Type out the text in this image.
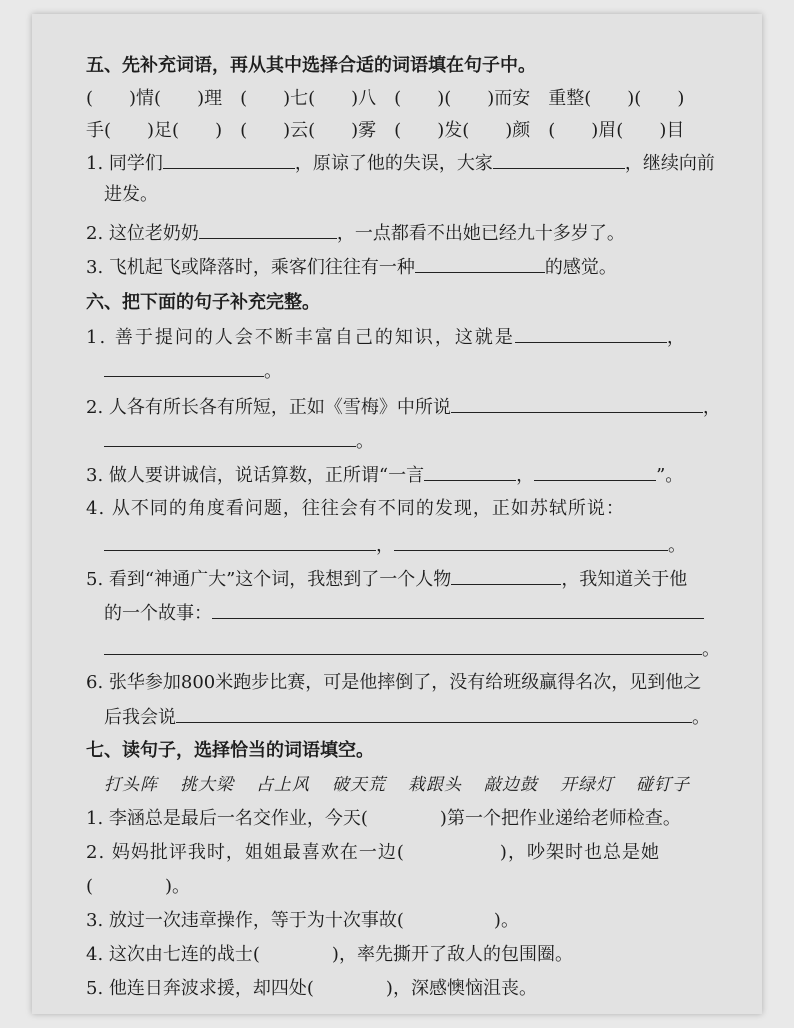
五、先补充词语，再从其中选择合适的词语填在句子中。
(　　)情(　　)理　(　　)七(　　)八　(　　)(　　)而安　重整(　　)(　　)
手(　　)足(　　)　(　　)云(　　)雾　(　　)发(　　)颜　(　　)眉(　　)目
1. 同学们	，原谅了他的失误，大家	，继续向前
进发。
2. 这位老奶奶	，一点都看不出她已经九十多岁了。
3. 飞机起飞或降落时，乘客们往往有一种	的感觉。
六、把下面的句子补充完整。
1. 善于提问的人会不断丰富自己的知识，这就是	，
。
2. 人各有所长各有所短，正如《雪梅》中所说	，
。
3. 做人要讲诚信，说话算数，正所谓“一言	，	”。
4. 从不同的角度看问题，往往会有不同的发现，正如苏轼所说：
，	。
5. 看到“神通广大”这个词，我想到了一个人物	，我知道关于他
的一个故事：
。
6. 张华参加800米跑步比赛，可是他摔倒了，没有给班级赢得名次，见到他之
后我会说	。
七、读句子，选择恰当的词语填空。
打头阵 挑大梁 占上风 破天荒 栽跟头 敲边鼓 开绿灯 碰钉子
1. 李涵总是最后一名交作业，今天(　　　　)第一个把作业递给老师检查。
2. 妈妈批评我时，姐姐最喜欢在一边(　　　　　)，吵架时也总是她
(　　　　)。
3. 放过一次违章操作，等于为十次事故(　　　　　)。
4. 这次由七连的战士(　　　　)，率先撕开了敌人的包围圈。
5. 他连日奔波求援，却四处(　　　　)，深感懊恼沮丧。
